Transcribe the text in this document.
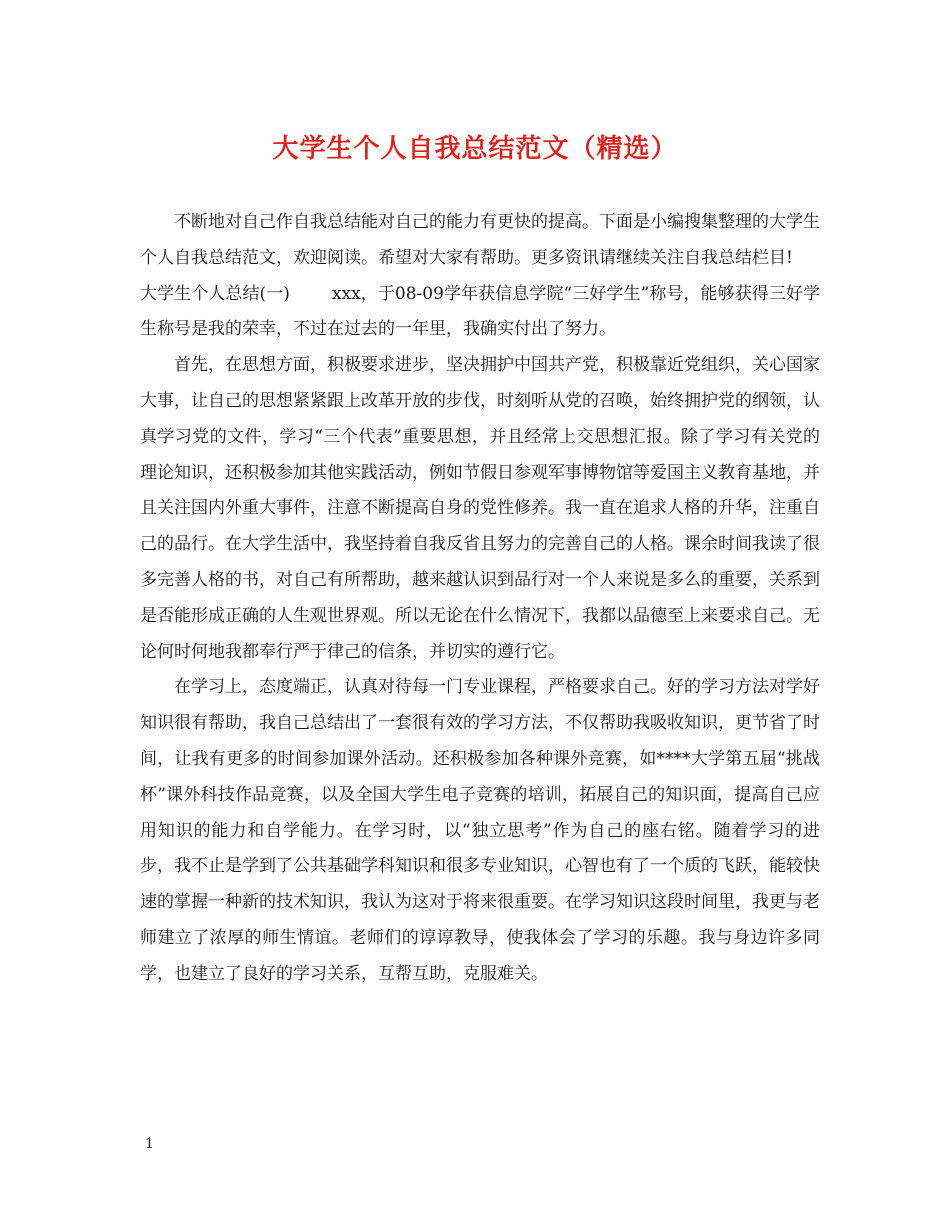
大学生个人自我总结范文（精选）

不断地对自己作自我总结能对自己的能力有更快的提高。下面是小编搜集整理的大学生个人自我总结范文，欢迎阅读。希望对大家有帮助。更多资讯请继续关注自我总结栏目!

大学生个人总结(一) xxx，于08-09学年获信息学院“三好学生”称号，能够获得三好学生称号是我的荣幸，不过在过去的一年里，我确实付出了努力。

首先，在思想方面，积极要求进步，坚决拥护中国共产党，积极靠近党组织，关心国家大事，让自己的思想紧紧跟上改革开放的步伐，时刻听从党的召唤，始终拥护党的纲领，认真学习党的文件，学习“三个代表”重要思想，并且经常上交思想汇报。除了学习有关党的理论知识，还积极参加其他实践活动，例如节假日参观军事博物馆等爱国主义教育基地，并且关注国内外重大事件，注意不断提高自身的党性修养。我一直在追求人格的升华，注重自己的品行。在大学生活中，我坚持着自我反省且努力的完善自己的人格。课余时间我读了很多完善人格的书，对自己有所帮助，越来越认识到品行对一个人来说是多么的重要，关系到是否能形成正确的人生观世界观。所以无论在什么情况下，我都以品德至上来要求自己。无论何时何地我都奉行严于律己的信条，并切实的遵行它。

在学习上，态度端正，认真对待每一门专业课程，严格要求自己。好的学习方法对学好知识很有帮助，我自己总结出了一套很有效的学习方法，不仅帮助我吸收知识，更节省了时间，让我有更多的时间参加课外活动。还积极参加各种课外竞赛，如****大学第五届“挑战杯”课外科技作品竞赛，以及全国大学生电子竞赛的培训，拓展自己的知识面，提高自己应用知识的能力和自学能力。在学习时，以“独立思考”作为自己的座右铭。随着学习的进步，我不止是学到了公共基础学科知识和很多专业知识，心智也有了一个质的飞跃，能较快速的掌握一种新的技术知识，我认为这对于将来很重要。在学习知识这段时间里，我更与老师建立了浓厚的师生情谊。老师们的谆谆教导，使我体会了学习的乐趣。我与身边许多同学，也建立了良好的学习关系，互帮互助，克服难关。

1
